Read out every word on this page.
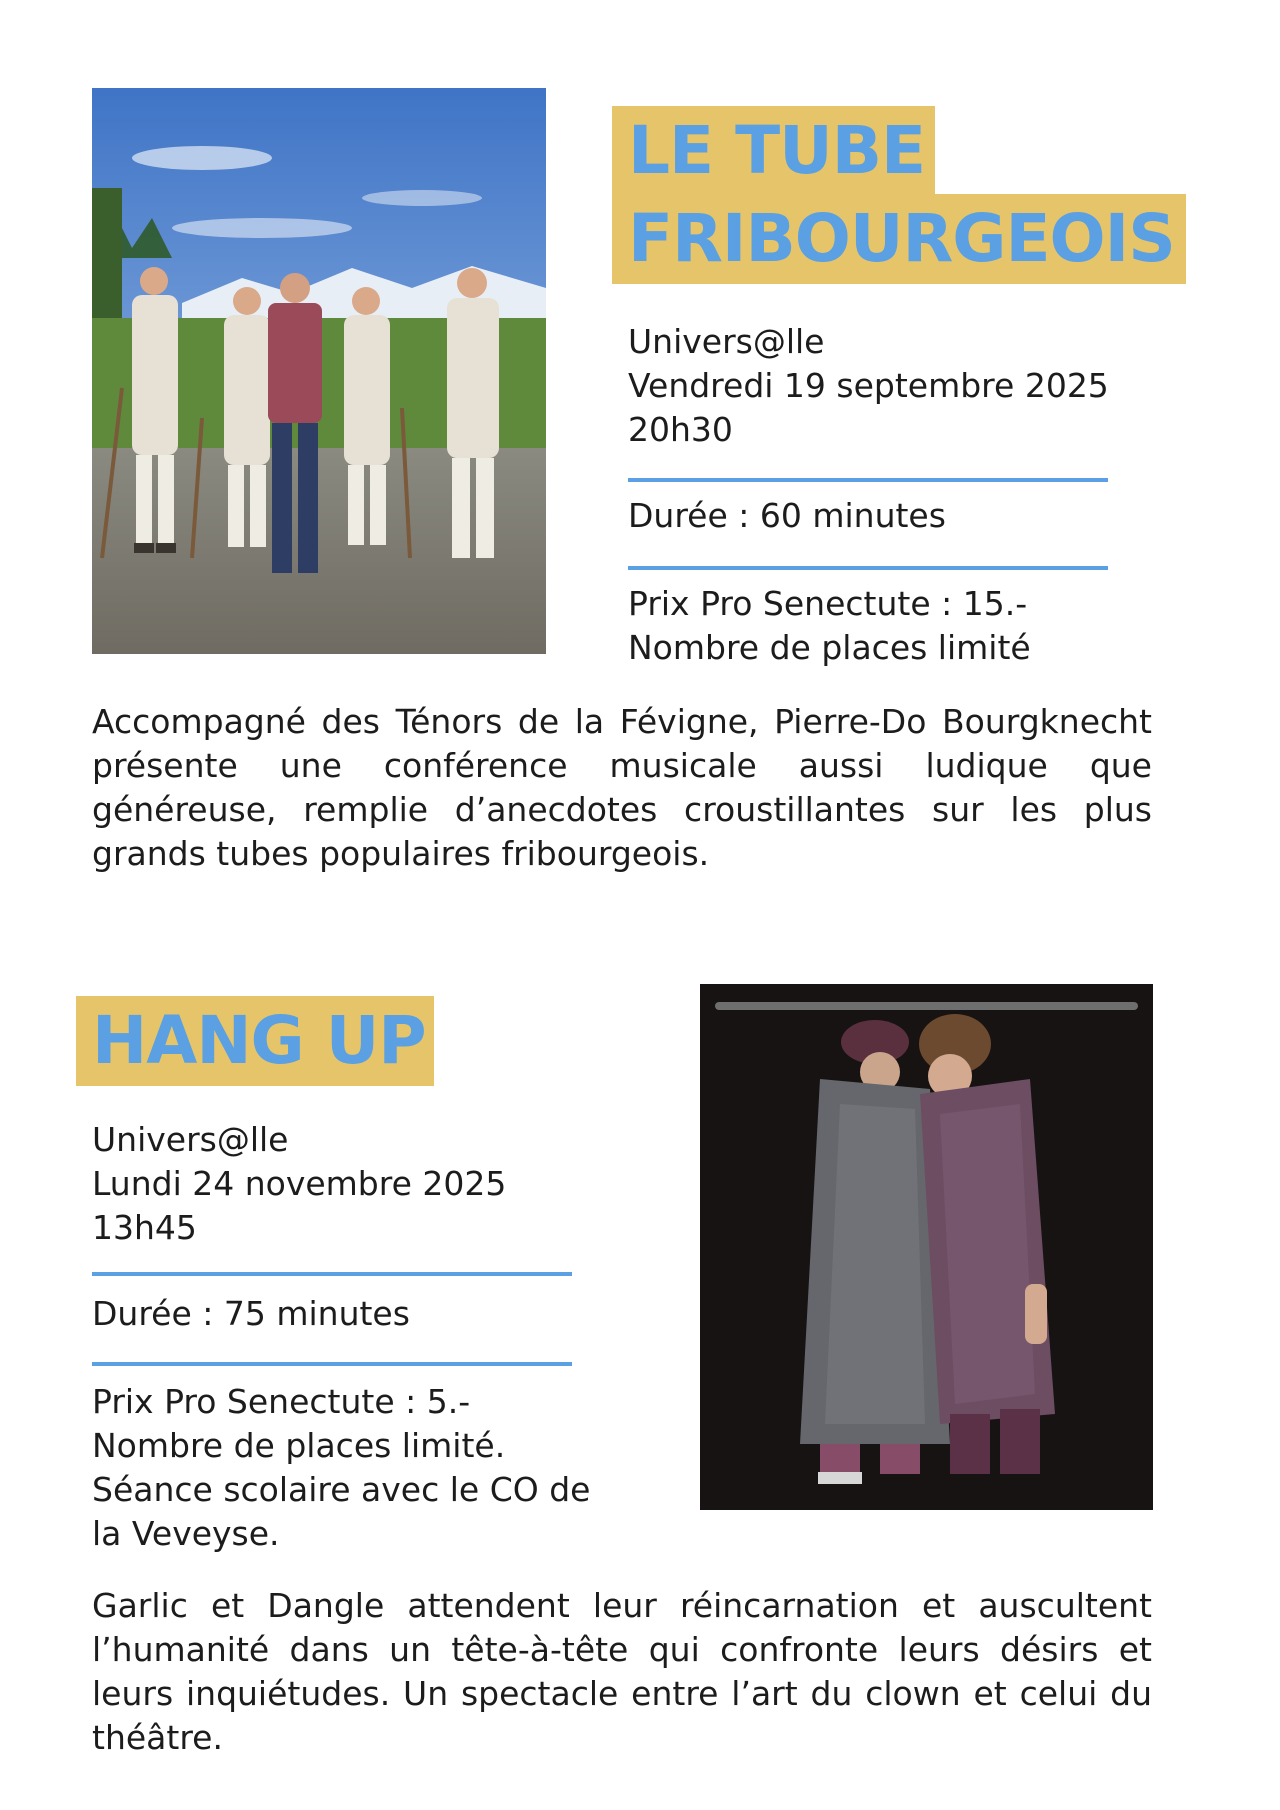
LE TUBE
FRIBOURGEOIS
Univers@lle
Vendredi 19 septembre 2025
20h30
Durée : 60 minutes
Prix Pro Senectute : 15.-
Nombre de places limité
Accompagné des Ténors de la Févigne, Pierre-Do Bourgknecht présente une conférence musicale aussi ludique que généreuse, remplie d’anecdotes croustillantes sur les plus grands tubes populaires fribourgeois.
HANG UP
Univers@lle
Lundi 24 novembre 2025
13h45
Durée : 75 minutes
Prix Pro Senectute : 5.-
Nombre de places limité.
Séance scolaire avec le CO de
la Veveyse.
Garlic et Dangle attendent leur réincarnation et auscultent l’humanité dans un tête-à-tête qui confronte leurs désirs et leurs inquiétudes. Un spectacle entre l’art du clown et celui du théâtre.
